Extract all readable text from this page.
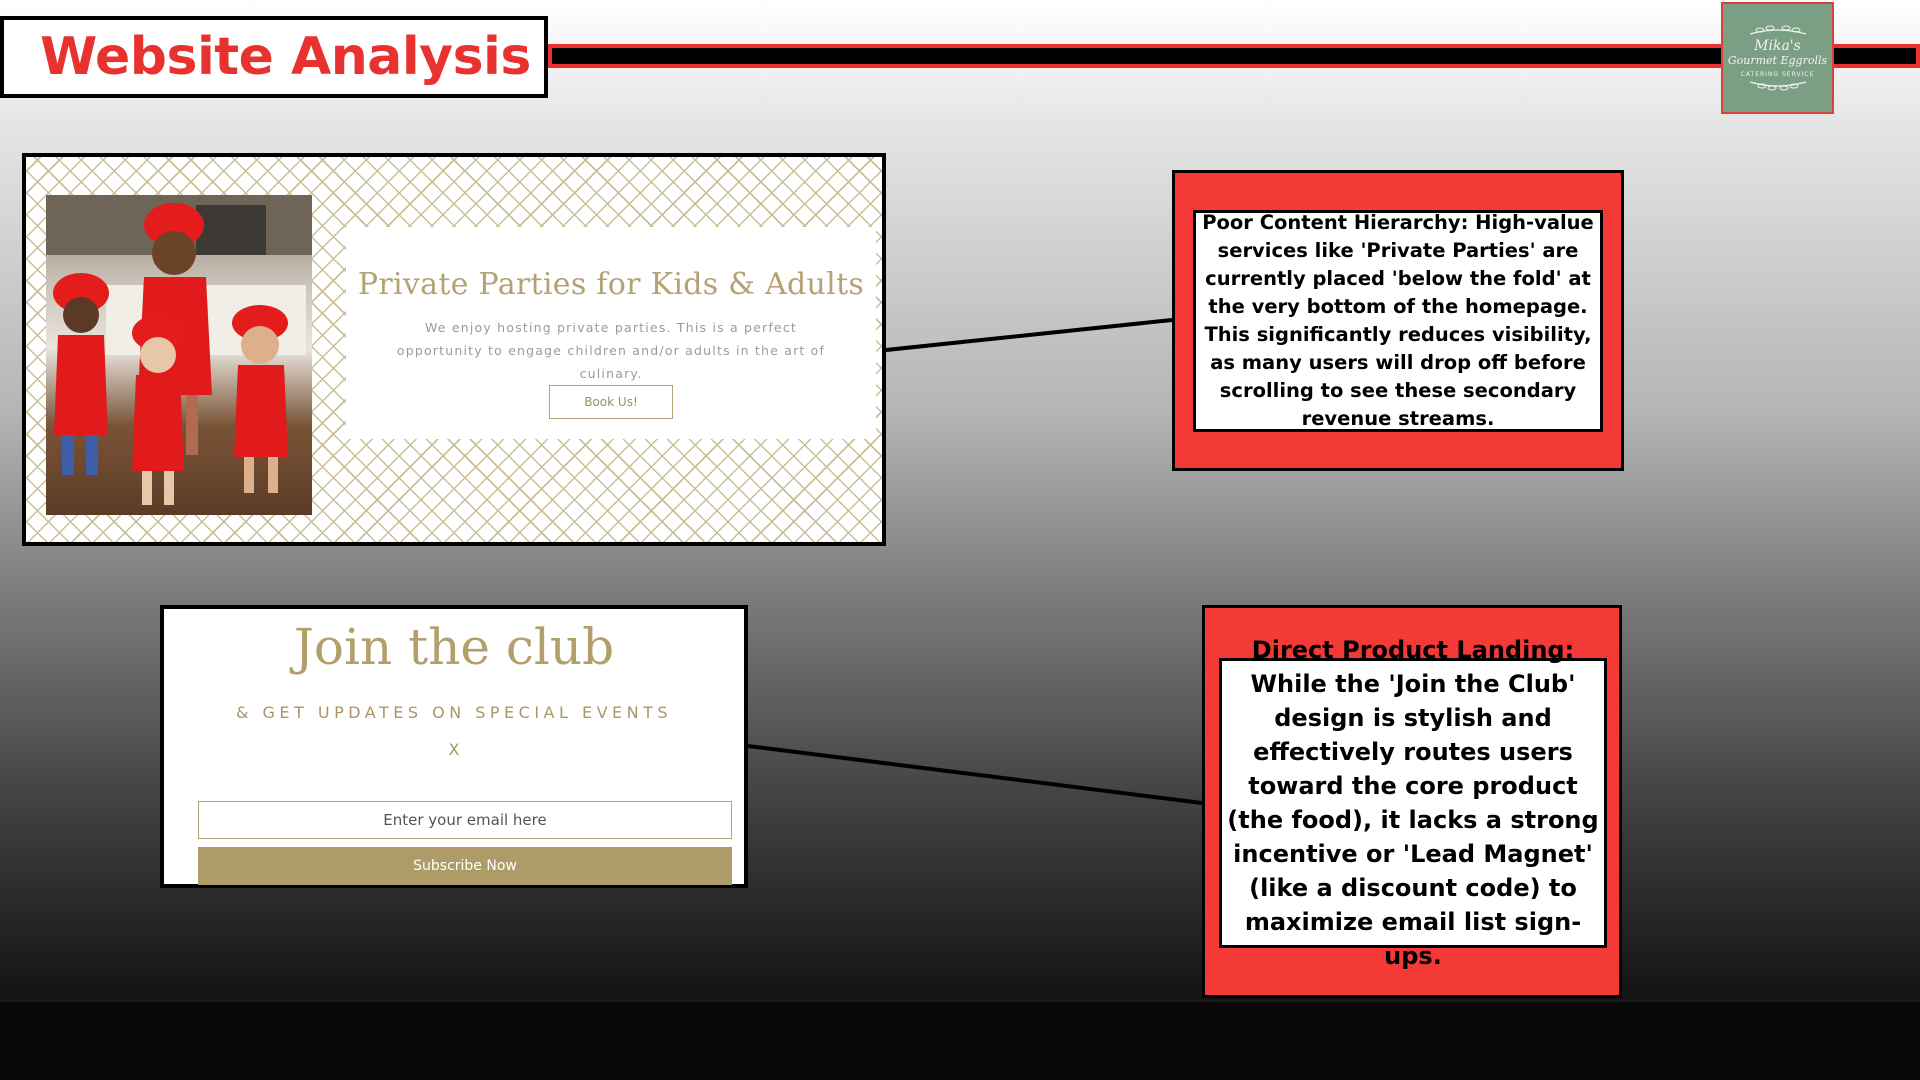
Website Analysis	Mika's
Gourmet Eggrolls
CATERING SERVICE
Private Parties for Kids & Adults
We enjoy hosting private parties. This is a perfect opportunity to engage children and/or adults in the art of culinary.
Book Us!
Join the club
& GET UPDATES ON SPECIAL EVENTS
X
Enter your email here
Subscribe Now
Poor Content Hierarchy: High-value services like 'Private Parties' are currently placed 'below the fold' at the very bottom of the homepage. This significantly reduces visibility, as many users will drop off before scrolling to see these secondary revenue streams.
Direct Product Landing: While the 'Join the Club' design is stylish and effectively routes users toward the core product (the food), it lacks a strong incentive or 'Lead Magnet' (like a discount code) to maximize email list sign-ups.
